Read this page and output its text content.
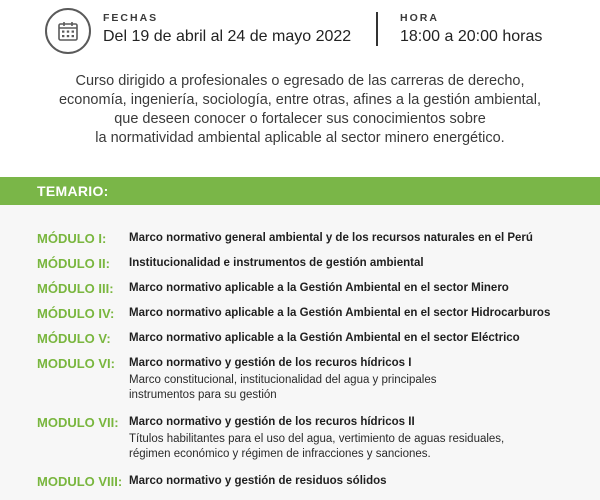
FECHAS
Del 19 de abril al 24 de mayo 2022
HORA
18:00 a 20:00 horas
Curso dirigido a profesionales o egresado de las carreras de derecho,
economía, ingeniería, sociología, entre otras, afines a la gestión ambiental,
que deseen conocer o fortalecer sus conocimientos sobre
la normatividad ambiental aplicable al sector minero energético.
TEMARIO:
MÓDULO I: Marco normativo general ambiental y de los recursos naturales en el Perú
MÓDULO II: Institucionalidad e instrumentos de gestión ambiental
MÓDULO III: Marco normativo aplicable a la Gestión Ambiental en el sector Minero
MÓDULO IV: Marco normativo aplicable a la Gestión Ambiental en el sector Hidrocarburos
MÓDULO V: Marco normativo aplicable a la Gestión Ambiental en el sector Eléctrico
MODULO VI: Marco normativo y gestión de los recuros hídricos I
Marco constitucional, institucionalidad del agua y principales
instrumentos para su gestión
MODULO VII: Marco normativo y gestión de los recuros hídricos II
Títulos habilitantes para el uso del agua, vertimiento de aguas residuales,
régimen económico y régimen de infracciones y sanciones.
MODULO VIII: Marco normativo y gestión de residuos sólidos
